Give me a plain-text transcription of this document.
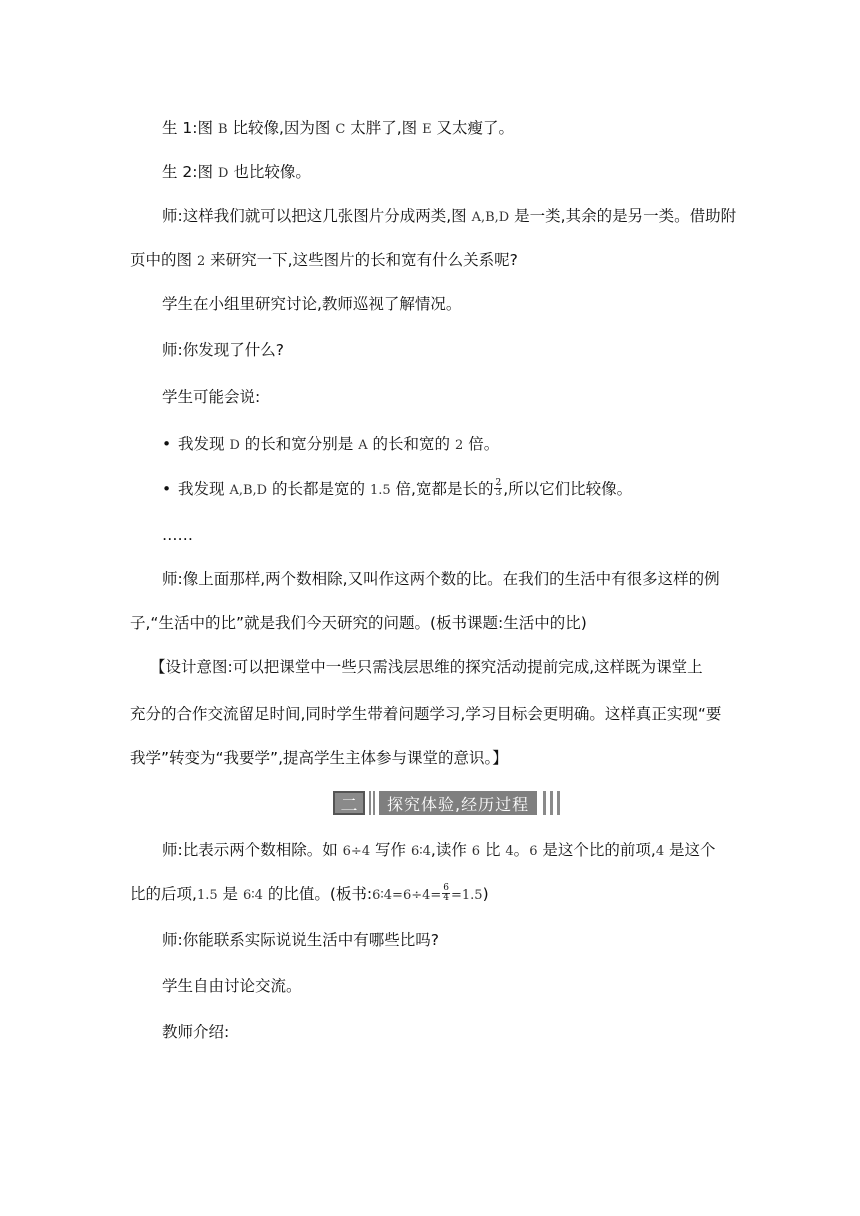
生 1:图 B 比较像,因为图 C 太胖了,图 E 又太瘦了。
生 2:图 D 也比较像。
师:这样我们就可以把这几张图片分成两类,图 A,B,D 是一类,其余的是另一类。借助附
页中的图 2 来研究一下,这些图片的长和宽有什么关系呢?
学生在小组里研究讨论,教师巡视了解情况。
师:你发现了什么?
学生可能会说:
• 我发现 D 的长和宽分别是 A 的长和宽的 2 倍。
• 我发现 A,B,D 的长都是宽的 1.5 倍,宽都是长的 $\frac{2}{3}$ ,所以它们比较像。
……
师:像上面那样,两个数相除,又叫作这两个数的比。在我们的生活中有很多这样的例
子,“生活中的比”就是我们今天研究的问题。(板书课题:生活中的比)
【设计意图:可以把课堂中一些只需浅层思维的探究活动提前完成,这样既为课堂上
充分的合作交流留足时间,同时学生带着问题学习,学习目标会更明确。这样真正实现“要
我学”转变为“我要学”,提高学生主体参与课堂的意识。】
二	探究体验,经历过程
师:比表示两个数相除。如 6÷4 写作 6∶4,读作 6 比 4。6 是这个比的前项,4 是这个
比的后项,1.5 是 6∶4 的比值。(板书:6∶4=6÷4= $\frac{6}{4} =1.5$)
师:你能联系实际说说生活中有哪些比吗?
学生自由讨论交流。
教师介绍:
